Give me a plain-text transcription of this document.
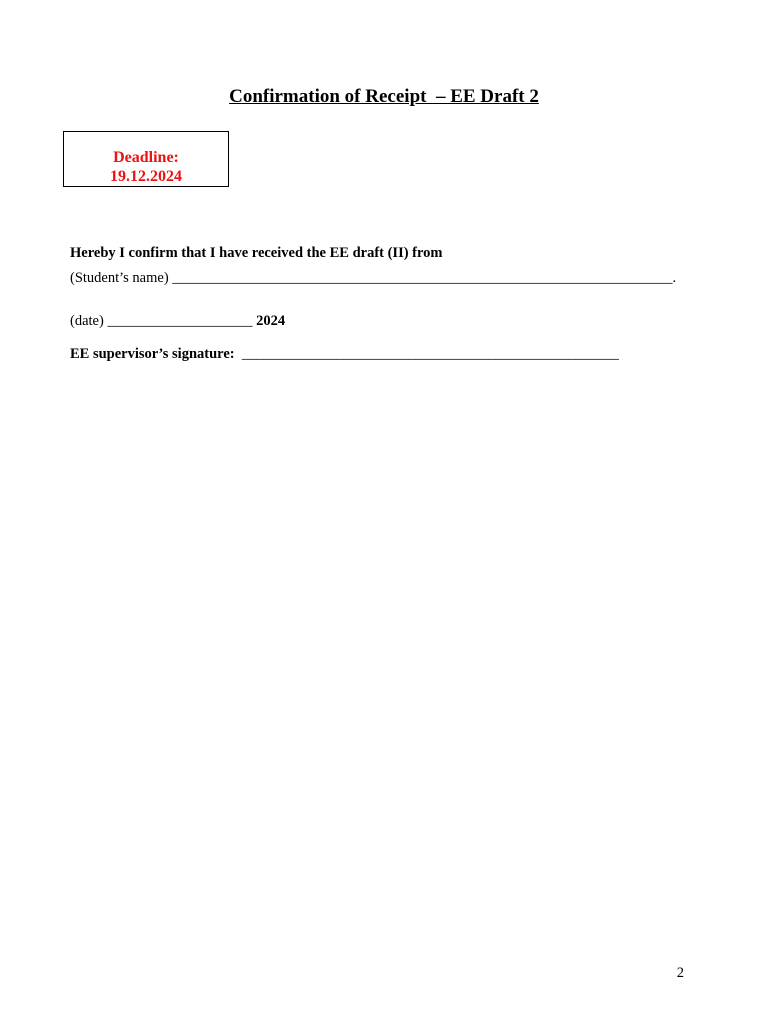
Confirmation of Receipt  – EE Draft 2
Deadline:
19.12.2024
Hereby I confirm that I have received the EE draft (II) from
(Student’s name) _____________________________________________________________________.
(date) ____________________ 2024
EE supervisor’s signature: ____________________________________________________
2
